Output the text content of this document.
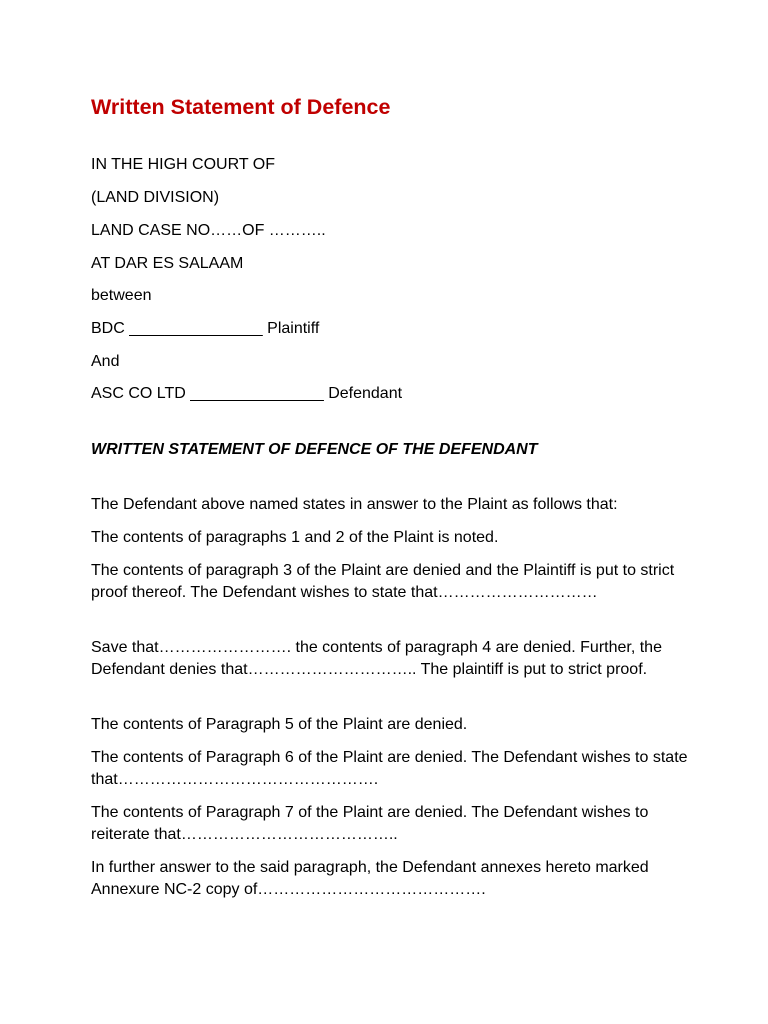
Written Statement of Defence

IN THE HIGH COURT OF

(LAND DIVISION)

LAND CASE NO……OF ………..

AT DAR ES SALAAM

between

BDC _______________ Plaintiff

And

ASC CO LTD _______________ Defendant

WRITTEN STATEMENT OF DEFENCE OF THE DEFENDANT

The Defendant above named states in answer to the Plaint as follows that:

The contents of paragraphs 1 and 2 of the Plaint is noted.

The contents of paragraph 3 of the Plaint are denied and the Plaintiff is put to strict proof thereof. The Defendant wishes to state that…………………………

Save that……………………. the contents of paragraph 4 are denied. Further, the Defendant denies that………………………….. The plaintiff is put to strict proof.

The contents of Paragraph 5 of the Plaint are denied.

The contents of Paragraph 6 of the Plaint are denied. The Defendant wishes to state that………………………………………….

The contents of Paragraph 7 of the Plaint are denied. The Defendant wishes to reiterate that…………………………………..

In further answer to the said paragraph, the Defendant annexes hereto marked Annexure NC-2 copy of…………………………………….
